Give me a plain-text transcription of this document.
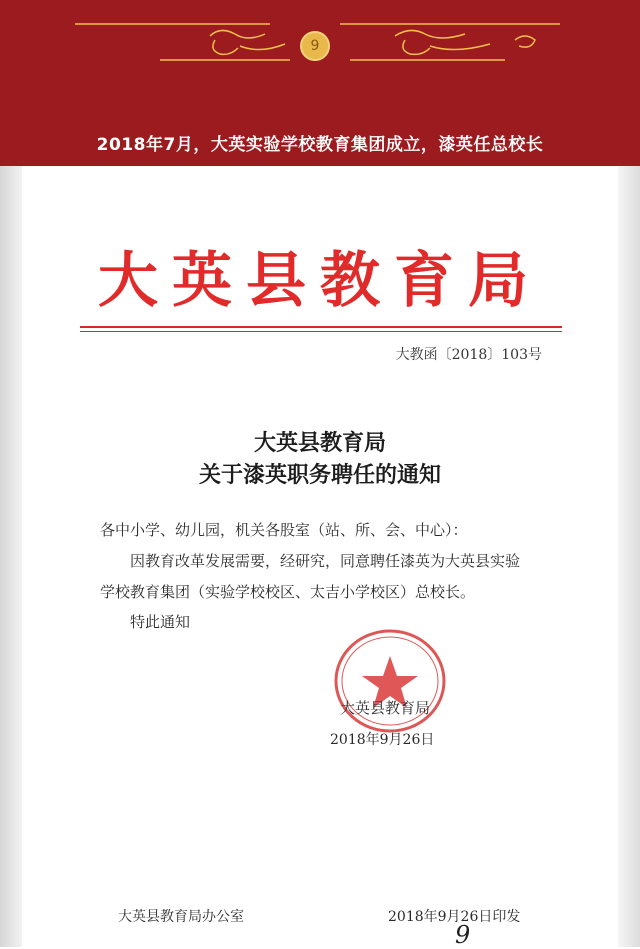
9
2018年7月，大英实验学校教育集团成立，漆英任总校长
大英县教育局
大教函〔2018〕103号
大英县教育局
关于漆英职务聘任的通知
各中小学、幼儿园，机关各股室（站、所、会、中心）：
因教育改革发展需要，经研究，同意聘任漆英为大英县实验
学校教育集团（实验学校校区、太吉小学校区）总校长。
特此通知
大英县教育局
2018年9月26日
大英县教育局办公室	2018年9月26日印发
9
